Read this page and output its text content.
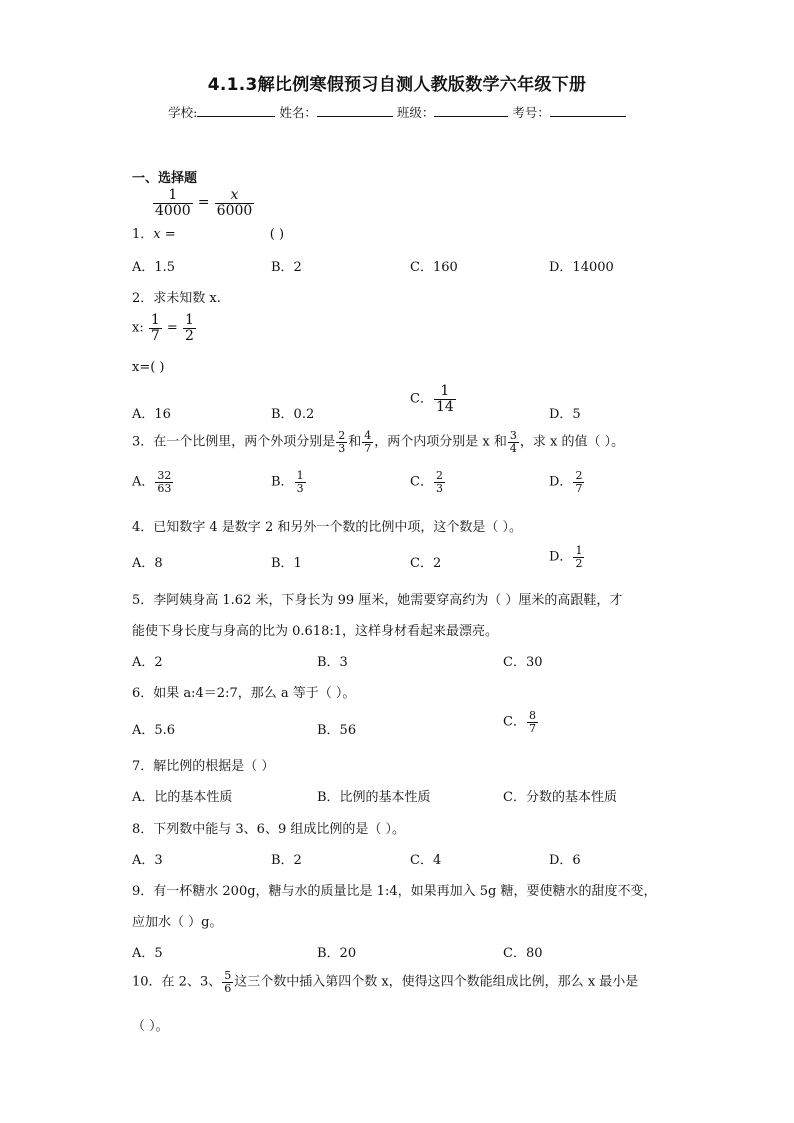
4.1.3解比例寒假预习自测人教版数学六年级下册
学校:	姓名：	班级：	考号：
一、选择题
$\frac{1}{4000} = \frac{x}{6000}$
1．x =	( )
A．1.5	B．2	C．160	D．14000
2．求未知数 x.
x: $\frac{1}{7} = \frac{1}{2}$
x=( )
A．16	B．0.2
C． $\frac{1}{14}$
D．5
3．在一个比例里，两个外项分别是 $\frac{2}{3}$ 和 $\frac{4}{7}$ ，两个内项分别是 x 和 $\frac{3}{4}$ ，求 x 的值（ ）。
A． $\frac{32}{63}$	B． $\frac{1}{3}$	C． $\frac{2}{3}$	D． $\frac{2}{7}$
4．已知数字 4 是数字 2 和另外一个数的比例中项，这个数是（ ）。
A．8	B．1	C．2	D． $\frac{1}{2}$
5．李阿姨身高 1.62 米，下身长为 99 厘米，她需要穿高约为（ ）厘米的高跟鞋，才
能使下身长度与身高的比为 0.618:1，这样身材看起来最漂亮。
A．2	B．3	C．30
6．如果 a:4＝2:7，那么 a 等于（ ）。
A．5.6	B．56
C． $\frac{8}{7}$
7．解比例的根据是（ ）
A．比的基本性质	B．比例的基本性质	C．分数的基本性质
8．下列数中能与 3、6、9 组成比例的是（ ）。
A．3	B．2	C．4	D．6
9．有一杯糖水 200g，糖与水的质量比是 1:4，如果再加入 5g 糖，要使糖水的甜度不变，
应加水（ ）g。
A．5	B．20	C．80
10．在 2、3、 $\frac{5}{6}$ 这三个数中插入第四个数 x，使得这四个数能组成比例，那么 x 最小是
（ ）。
